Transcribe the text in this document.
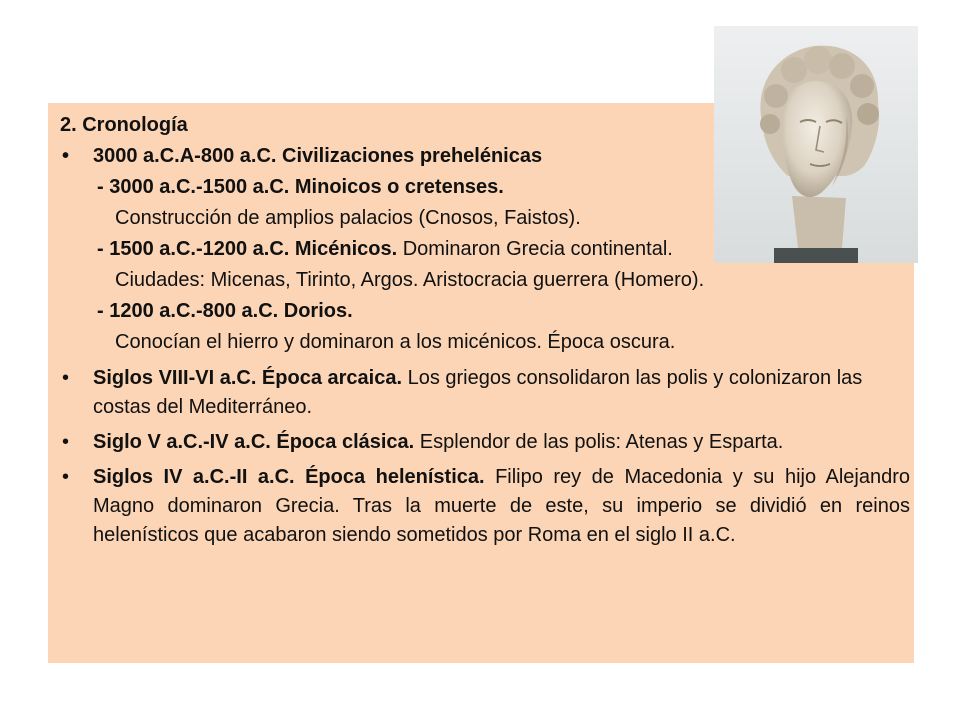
2. Cronología
• 3000 a.C.A-800 a.C. Civilizaciones prehelénicas
- 3000 a.C.-1500 a.C. Minoicos o cretenses.
Construcción de amplios palacios (Cnosos, Faistos).
- 1500 a.C.-1200 a.C. Micénicos. Dominaron Grecia continental.
Ciudades: Micenas, Tirinto, Argos. Aristocracia guerrera (Homero).
- 1200 a.C.-800 a.C. Dorios.
Conocían el hierro y dominaron a los micénicos. Época oscura.
• Siglos VIII-VI a.C. Época arcaica. Los griegos consolidaron las polis y colonizaron las costas del Mediterráneo.
• Siglo V a.C.-IV a.C. Época clásica. Esplendor de las polis: Atenas y Esparta.
• Siglos IV a.C.-II a.C. Época helenística. Filipo rey de Macedonia y su hijo Alejandro Magno dominaron Grecia. Tras la muerte de este, su imperio se dividió en reinos helenísticos que acabaron siendo sometidos por Roma en el siglo II a.C.
